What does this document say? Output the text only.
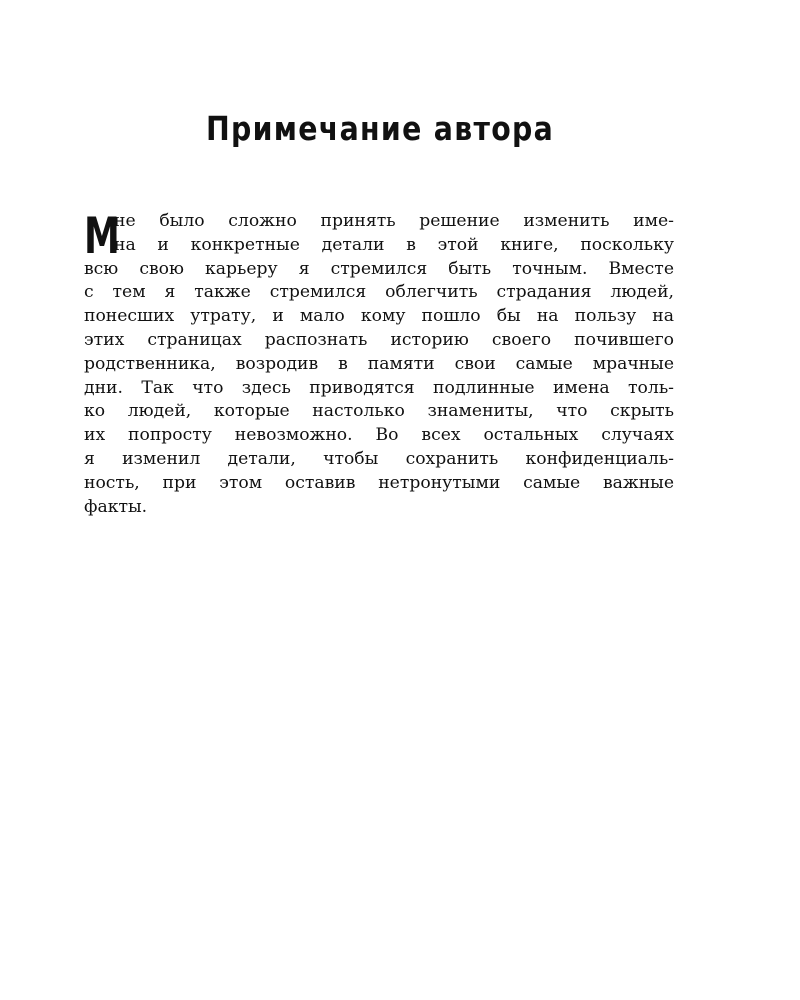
Примечание автора
М
не было сложно принять решение изменить име-
на и конкретные детали в этой книге, поскольку
всю свою карьеру я стремился быть точным. Вместе
с тем я также стремился облегчить страдания людей,
понесших утрату, и мало кому пошло бы на пользу на
этих страницах распознать историю своего почившего
родственника, возродив в памяти свои самые мрачные
дни. Так что здесь приводятся подлинные имена толь-
ко людей, которые настолько знамениты, что скрыть
их попросту невозможно. Во всех остальных случаях
я изменил детали, чтобы сохранить конфиденциаль-
ность, при этом оставив нетронутыми самые важные
факты.
